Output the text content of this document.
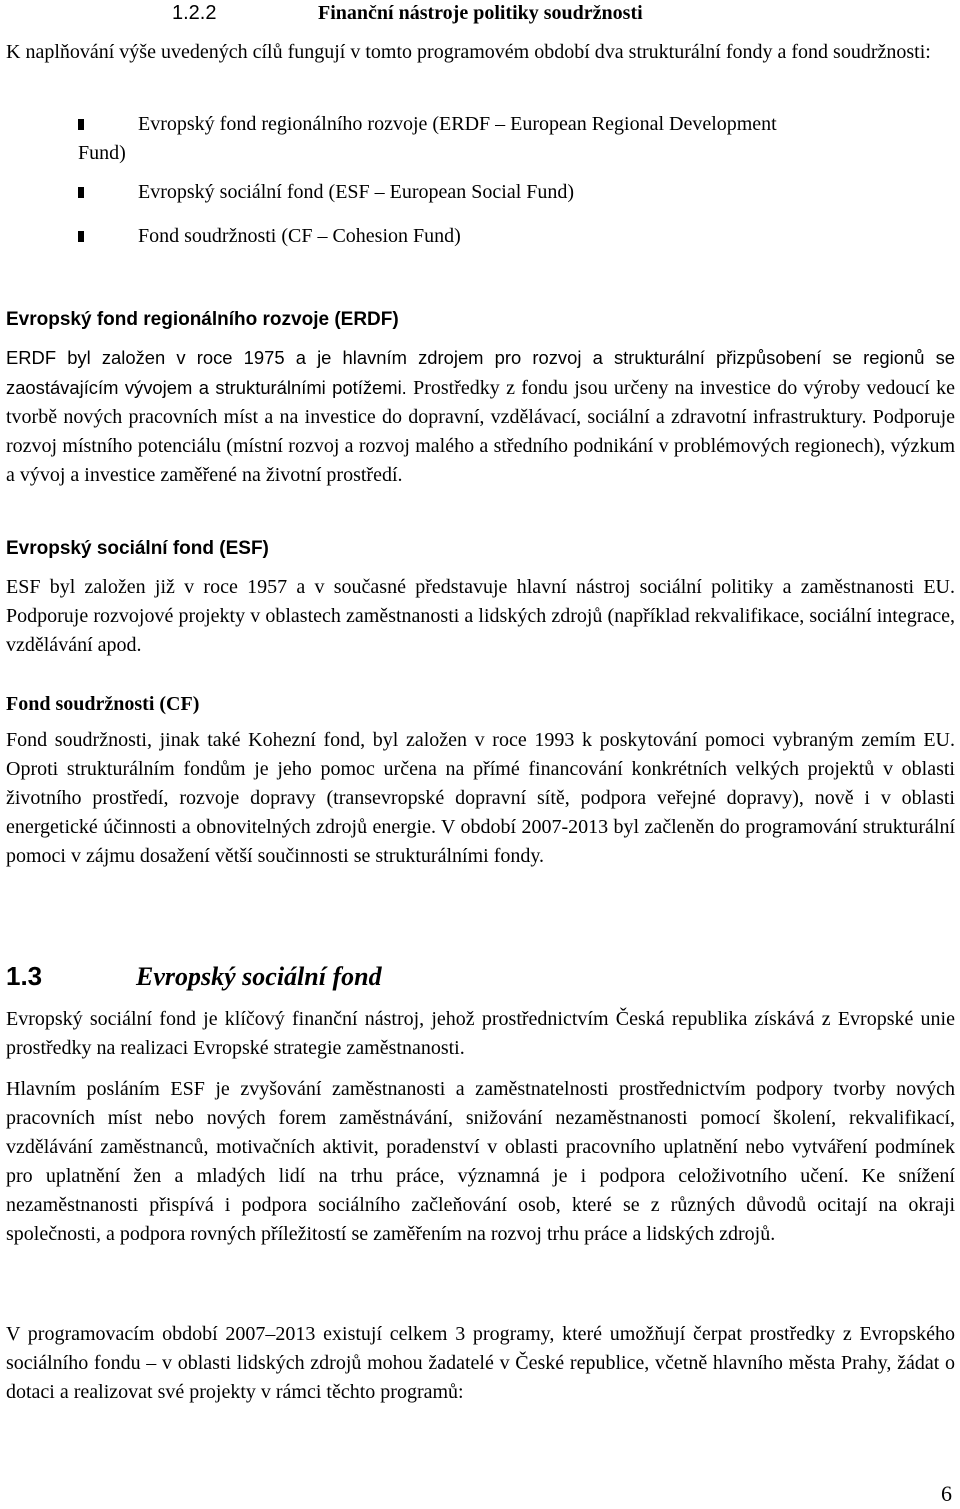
1.2.2	Finanční nástroje politiky soudržnosti
K naplňování výše uvedených cílů fungují v tomto programovém období dva strukturální fondy a fond soudržnosti:
Evropský fond regionálního rozvoje (ERDF ‒ European Regional Development
Fund)
Evropský sociální fond (ESF ‒ European Social Fund)
Fond soudržnosti (CF ‒ Cohesion Fund)
Evropský fond regionálního rozvoje (ERDF)
ERDF byl založen v roce 1975 a je hlavním zdrojem pro rozvoj a strukturální přizpůsobení se regionů se zaostávajícím vývojem a strukturálními potížemi. Prostředky z fondu jsou určeny na investice do výroby vedoucí ke tvorbě nových pracovních míst a na investice do dopravní, vzdělávací, sociální a zdravotní infrastruktury. Podporuje rozvoj místního potenciálu (místní rozvoj a rozvoj malého a středního podnikání v problémových regionech), výzkum a vývoj a investice zaměřené na životní prostředí.
Evropský sociální fond (ESF)
ESF byl založen již v roce 1957 a v současné představuje hlavní nástroj sociální politiky a zaměstnanosti EU. Podporuje rozvojové projekty v oblastech zaměstnanosti a lidských zdrojů (například rekvalifikace, sociální integrace, vzdělávání apod.
Fond soudržnosti (CF)
Fond soudržnosti, jinak také Kohezní fond, byl založen v roce 1993 k poskytování pomoci vybraným zemím EU. Oproti strukturálním fondům je jeho pomoc určena na přímé financování konkrétních velkých projektů v oblasti životního prostředí, rozvoje dopravy (transevropské dopravní sítě, podpora veřejné dopravy), nově i v oblasti energetické účinnosti a obnovitelných zdrojů energie. V období 2007-2013 byl začleněn do programování strukturální pomoci v zájmu dosažení větší součinnosti se strukturálními fondy.
1.3	Evropský sociální fond
Evropský sociální fond je klíčový finanční nástroj, jehož prostřednictvím Česká republika získává z Evropské unie prostředky na realizaci Evropské strategie zaměstnanosti.
Hlavním posláním ESF je zvyšování zaměstnanosti a zaměstnatelnosti prostřednictvím podpory tvorby nových pracovních míst nebo nových forem zaměstnávání, snižování nezaměstnanosti pomocí školení, rekvalifikací, vzdělávání zaměstnanců, motivačních aktivit, poradenství v oblasti pracovního uplatnění nebo vytváření podmínek pro uplatnění žen a mladých lidí na trhu práce, významná je i podpora celoživotního učení. Ke snížení nezaměstnanosti přispívá i podpora sociálního začleňování osob, které se z různých důvodů ocitají na okraji společnosti, a podpora rovných příležitostí se zaměřením na rozvoj trhu práce a lidských zdrojů.
V programovacím období 2007‒2013 existují celkem 3 programy, které umožňují čerpat prostředky z Evropského sociálního fondu ‒ v oblasti lidských zdrojů mohou žadatelé v České republice, včetně hlavního města Prahy, žádat o dotaci a realizovat své projekty v rámci těchto programů:
6
